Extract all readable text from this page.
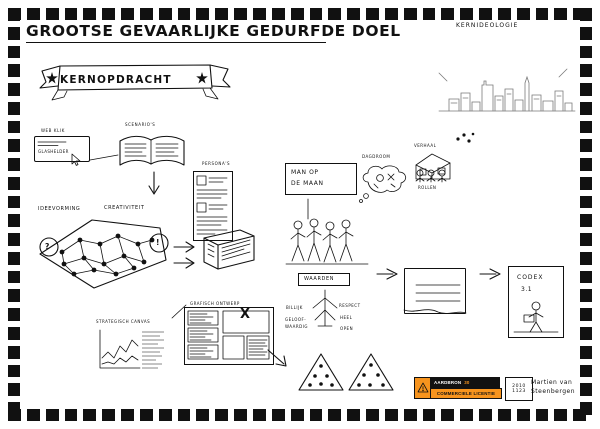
GROOTSE GEVAARLIJKE GEDURFDE DOEL	KERNIDEOLOGIE
KERNOPDRACHT
WEB KLIK
GLASHELDER
SCENARIO'S
PERSONA'S
IDEEVORMING	CREATIVITEIT
?	!
STRATEGISCH CANVAS
GRAFISCH ONTWERP
X
MAN OP
DE MAAN
DAGDROOM
VERHAAL
ROLLEN
WAARDEN
BILLIJK	RESPECT
GELOOF-	HEEL
WAARDIG	OPEN
CODEX
3.1
AARDBRON 30
COMMERCIELE LICENTIE
2010
1123
Martien van
Steenbergen
